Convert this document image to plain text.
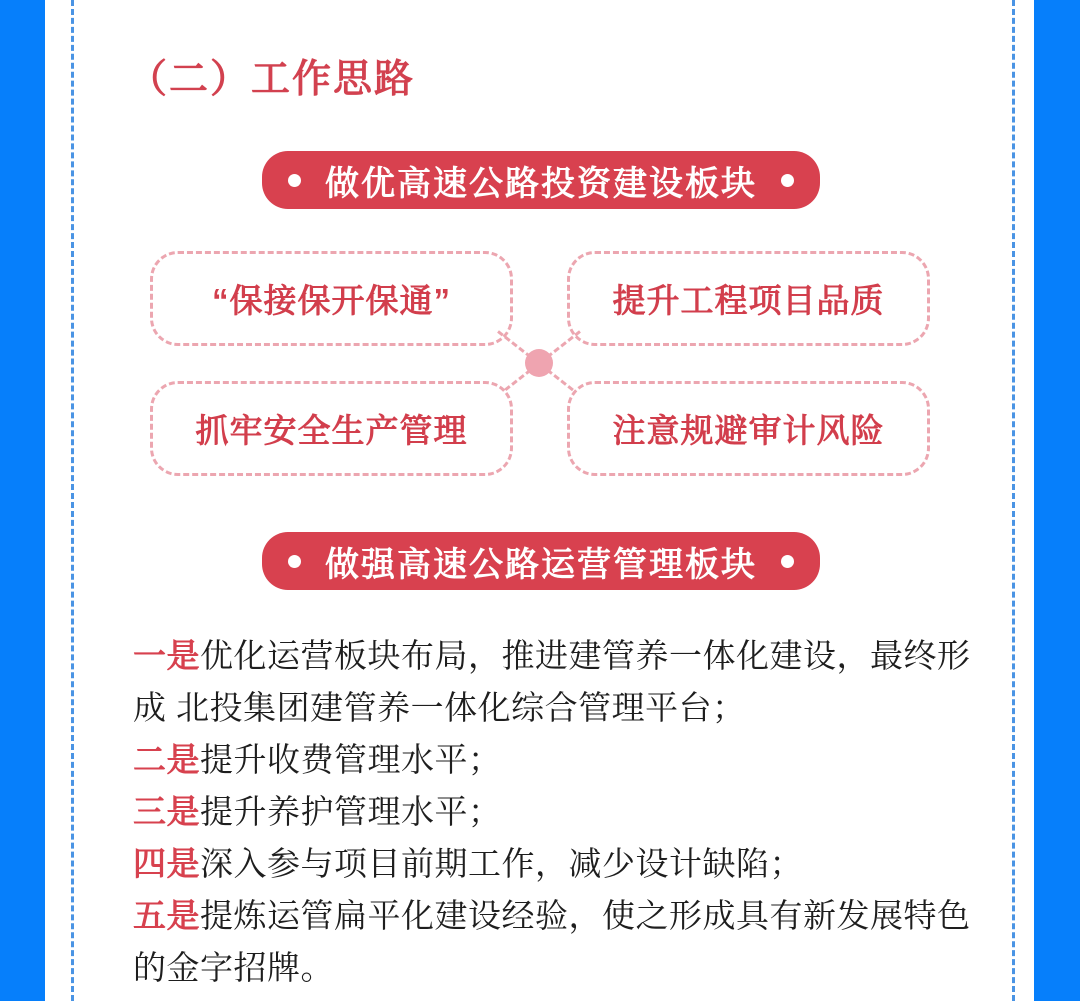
（二）工作思路
做优高速公路投资建设板块
“保接保开保通”	提升工程项目品质
抓牢安全生产管理	注意规避审计风险
做强高速公路运营管理板块

一是优化运营板块布局，推进建管养一体化建设，最终形成 北投集团建管养一体化综合管理平台；

二是提升收费管理水平；

三是提升养护管理水平；

四是深入参与项目前期工作，减少设计缺陷；

五是提炼运管扁平化建设经验，使之形成具有新发展特色的金字招牌。
